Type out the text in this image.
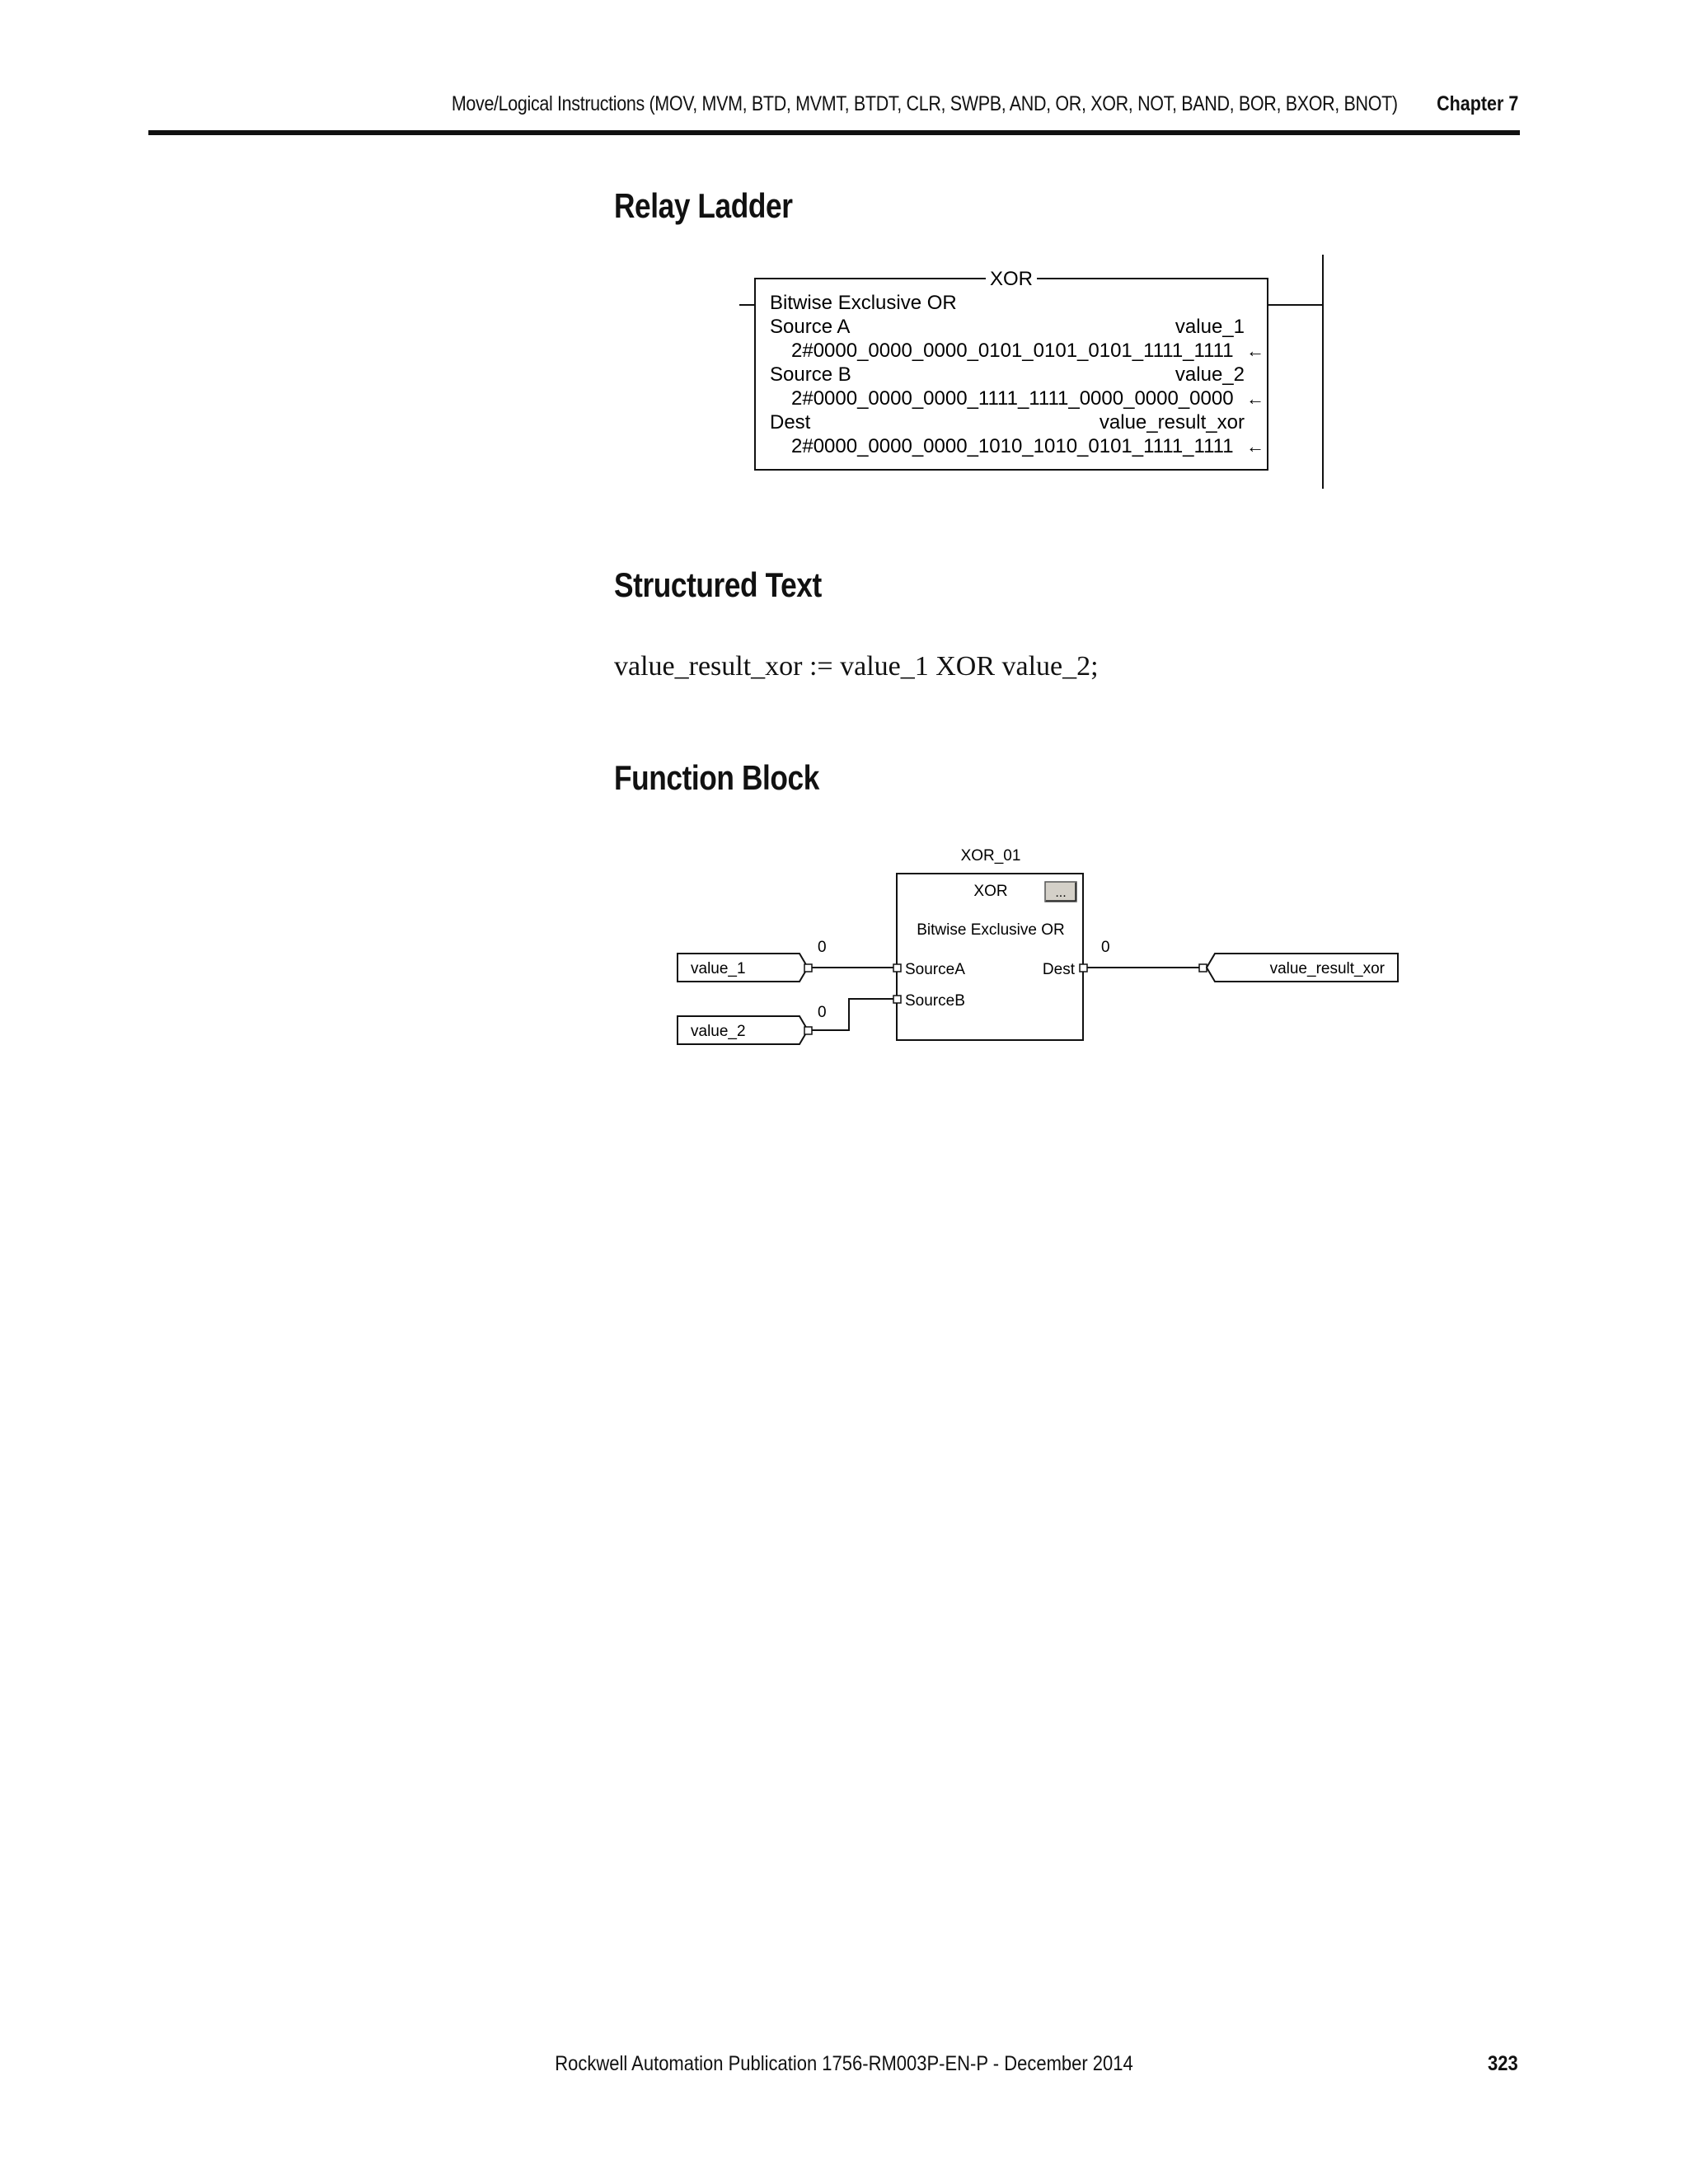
Move/Logical Instructions (MOV, MVM, BTD, MVMT, BTDT, CLR, SWPB, AND, OR, XOR, NOT, BAND, BOR, BXOR, BNOT) Chapter 7
Relay Ladder
XOR
Bitwise Exclusive OR
Source A	value_1
2#0000_0000_0000_0101_0101_0101_1111_1111 ←
Source B	value_2
2#0000_0000_0000_1111_1111_0000_0000_0000 ←
Dest	value_result_xor
2#0000_0000_0000_1010_1010_0101_1111_1111 ←
Structured Text
value_result_xor := value_1 XOR value_2;
Function Block
XOR_01
XOR	...
Bitwise Exclusive OR
SourceA
SourceB
Dest
value_1
0
value_2
0
0
value_result_xor
Rockwell Automation Publication 1756-RM003P-EN-P - December 2014	323
